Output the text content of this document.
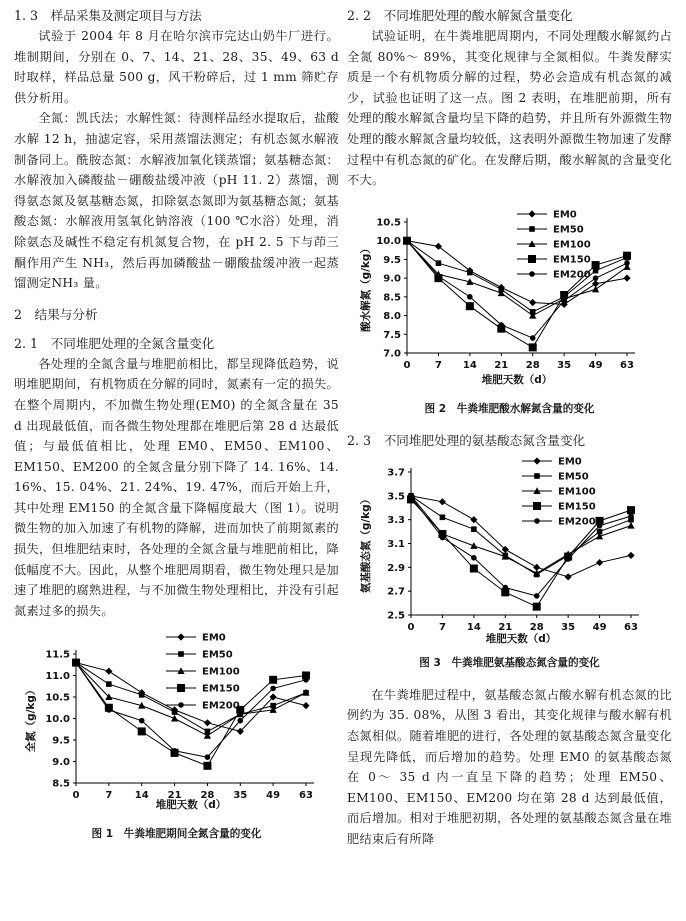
1. 3　样品采集及测定项目与方法

试验于 2004 年 8 月在哈尔滨市完达山奶牛厂进行。堆制期间，分别在 0、7、14、21、28、35、49、63 d 时取样，样品总量 500 g，风干粉碎后，过 1 mm 筛贮存供分析用。

全氮：凯氏法；水解性氮：待测样品经水提取后，盐酸水解 12 h，抽滤定容，采用蒸馏法测定；有机态氮水解液制备同上。酰胺态氮：水解液加氧化镁蒸馏；氨基糖态氮：水解液加入磷酸盐－硼酸盐缓冲液（pH 11. 2）蒸馏，测得氨态氮及氨基糖态氮，扣除氨态氮即为氨基糖态氮；氨基酸态氮：水解液用氢氧化钠溶液（100 ℃水浴）处理，消除氨态及碱性不稳定有机氮复合物，在 pH 2. 5 下与茚三酮作用产生 NH₃，然后再加磷酸盐－硼酸盐缓冲液一起蒸馏测定NH₃ 量。

2　结果与分析

2. 1　不同堆肥处理的全氮含量变化

各处理的全氮含量与堆肥前相比，都呈现降低趋势，说明堆肥期间，有机物质在分解的同时，氮素有一定的损失。在整个周期内，不加微生物处理(EM0) 的全氮含量在 35 d 出现最低值，而各微生物处理都在堆肥后第 28 d 达最低值；与最低值相比，处理 EM0、EM50、EM100、EM150、EM200 的全氮含量分别下降了 14. 16%、14. 16%、15. 04%、21. 24%、19. 47%，而后开始上升，其中处理 EM150 的全氮含量下降幅度最大（图 1）。说明微生物的加入加速了有机物的降解，进而加快了前期氮素的损失，但堆肥结束时，各处理的全氮含量与堆肥前相比，降低幅度不大。因此，从整个堆肥周期看，微生物处理只是加速了堆肥的腐熟进程，与不加微生物处理相比，并没有引起氮素过多的损失。

8.5
9.0
9.5
10.0
10.5
11.0
11.5
0	7 14 21 28 35 49 63
堆肥天数（d）
全氮（g/kg）
EM0
EM50
EM100
EM150
EM200
图 1　牛粪堆肥期间全氮含量的变化

2. 2　不同堆肥处理的酸水解氮含量变化

试验证明，在牛粪堆肥周期内，不同处理酸水解氮约占全氮 80%～ 89%，其变化规律与全氮相似。牛粪发酵实质是一个有机物质分解的过程，势必会造成有机态氮的减少，试验也证明了这一点。图 2 表明，在堆肥前期，所有处理的酸水解氮含量均呈下降的趋势，并且所有外源微生物处理的酸水解氮含量均较低，这表明外源微生物加速了发酵过程中有机态氮的矿化。在发酵后期，酸水解氮的含量变化不大。

7.0
7.5
8.0
8.5
9.0
9.5
10.0
10.5
0 7 14 21 28 35 49 63
堆肥天数（d）
酸水解氮（g/kg）
EM0
EM50
EM100
EM150
EM200
图 2　牛粪堆肥酸水解氮含量的变化

2. 3　不同堆肥处理的氨基酸态氮含量变化

2.5
2.7
2.9
3.1
3.3
3.5
3.7
0 7 14 21 28 35 49 63
堆肥天数（d）
氨基酸态氮（g/kg）
EM0
EM50
EM100
EM150
EM200
图 3　牛粪堆肥氨基酸态氮含量的变化

在牛粪堆肥过程中，氨基酸态氮占酸水解有机态氮的比例约为 35. 08%，从图 3 看出，其变化规律与酸水解有机态氮相似。随着堆肥的进行，各处理的氨基酸态氮含量变化呈现先降低，而后增加的趋势。处理 EM0 的氨基酸态氮在 0～ 35 d 内一直呈下降的趋势；处理 EM50、EM100、EM150、EM200 均在第 28 d 达到最低值，而后增加。相对于堆肥初期，各处理的氨基酸态氮含量在堆肥结束后有所降
